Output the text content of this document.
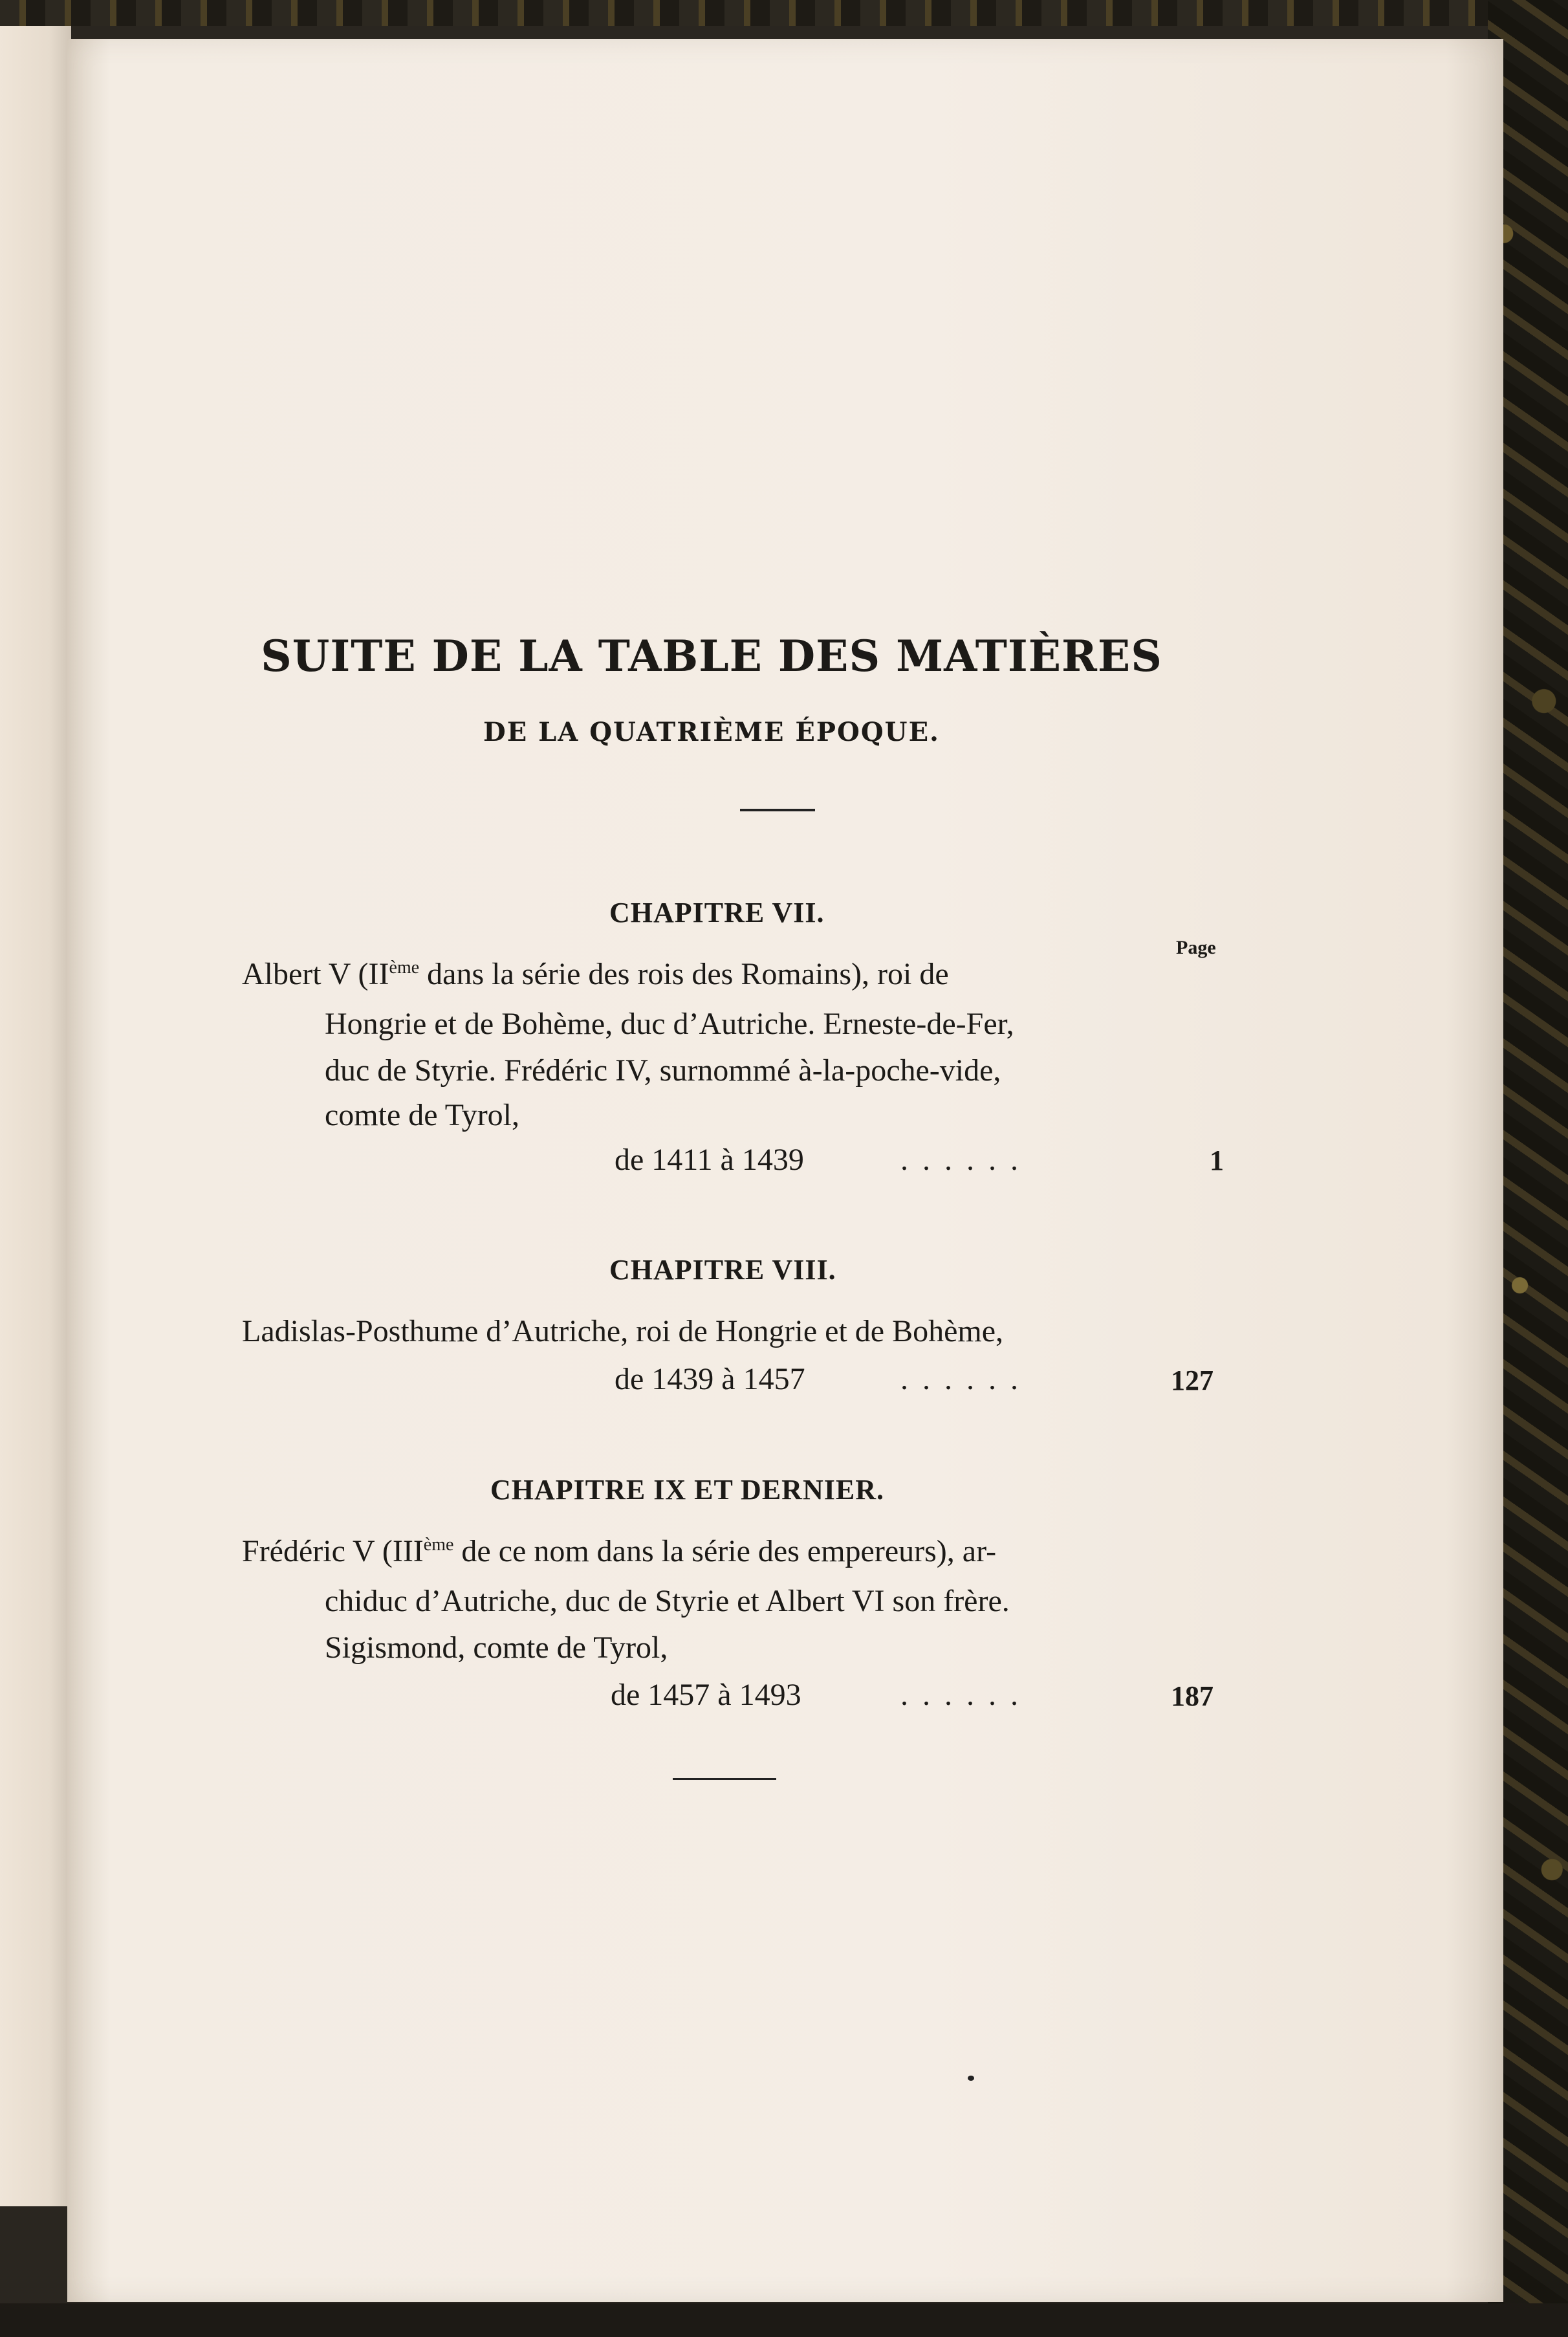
SUITE DE LA TABLE DES MATIÈRES
DE LA QUATRIÈME ÉPOQUE.
CHAPITRE VII.
Page
Albert V (IIème dans la série des rois des Romains), roi de
Hongrie et de Bohème, duc d’Autriche. Erneste-de-Fer,
duc de Styrie. Frédéric IV, surnommé à-la-poche-vide,
comte de Tyrol,
de 1411 à 1439	......	1
CHAPITRE VIII.
Ladislas-Posthume d’Autriche, roi de Hongrie et de Bohème,
de 1439 à 1457	......	127
CHAPITRE IX ET DERNIER.
Frédéric V (IIIème de ce nom dans la série des empereurs), ar-
chiduc d’Autriche, duc de Styrie et Albert VI son frère.
Sigismond, comte de Tyrol,
de 1457 à 1493	......	187
